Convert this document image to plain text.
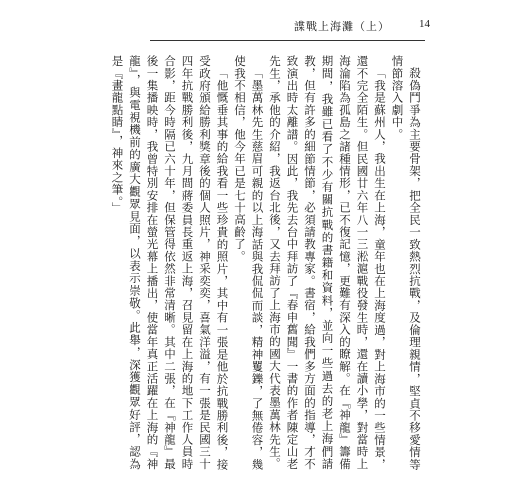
諜戰上海灘（上）	14

殺偽鬥爭為主要骨架，把全民一致熱烈抗戰，及倫理親情，堅貞不移愛情等情節溶入劇中。

「我是蘇州人，我出生在上海，童年也在上海度過，對上海市的一些情景，還不完全陌生。但民國廿六年八一三淞滬戰役發生時，還在讀小學，對當時上海淪陷為孤島之諸種情形，已不復記憶，更難有深入的瞭解。在『神龍』籌備期間，我雖已看了不少有關抗戰的書籍和資料，並向一些過去的老上海們請教，但有許多的細節情節，必須請教專家。書宿，給我們多方面的指導，才不致演出時太離譜。因此，我先去台中拜訪了『春申舊聞』一書的作者陳定山老先生，承他的介紹，我返台北後，又去拜訪了上海市的國大代表墨萬林先生。

「墨萬林先生慈眉可親的以上海話與我侃侃而談，精神矍鑠，了無倦容，幾使我不相信，他今年已是七十高齡了。

「他慨垂其事的給我看一些珍貴的照片，其中有一張是他於抗戰勝利後，接受政府頒給勝利獎章後的個人照片，神采奕奕，喜氣洋溢，有一張是民國三十四年抗戰勝利後，九月間蔣委員長重返上海，召見留在上海的地下工作人員時合影，距今時隔已六十年，但保管得依然非常清晰。其中二張，在『神龍』最後一集播映時，我曾特別安排在螢光幕上播出，使當年真正活躍在上海的『神龍』，與電視機前的廣大觀眾見面，以表示崇敬。此舉，深獲觀眾好評，認為是『畫龍點睛』，神來之筆。」
